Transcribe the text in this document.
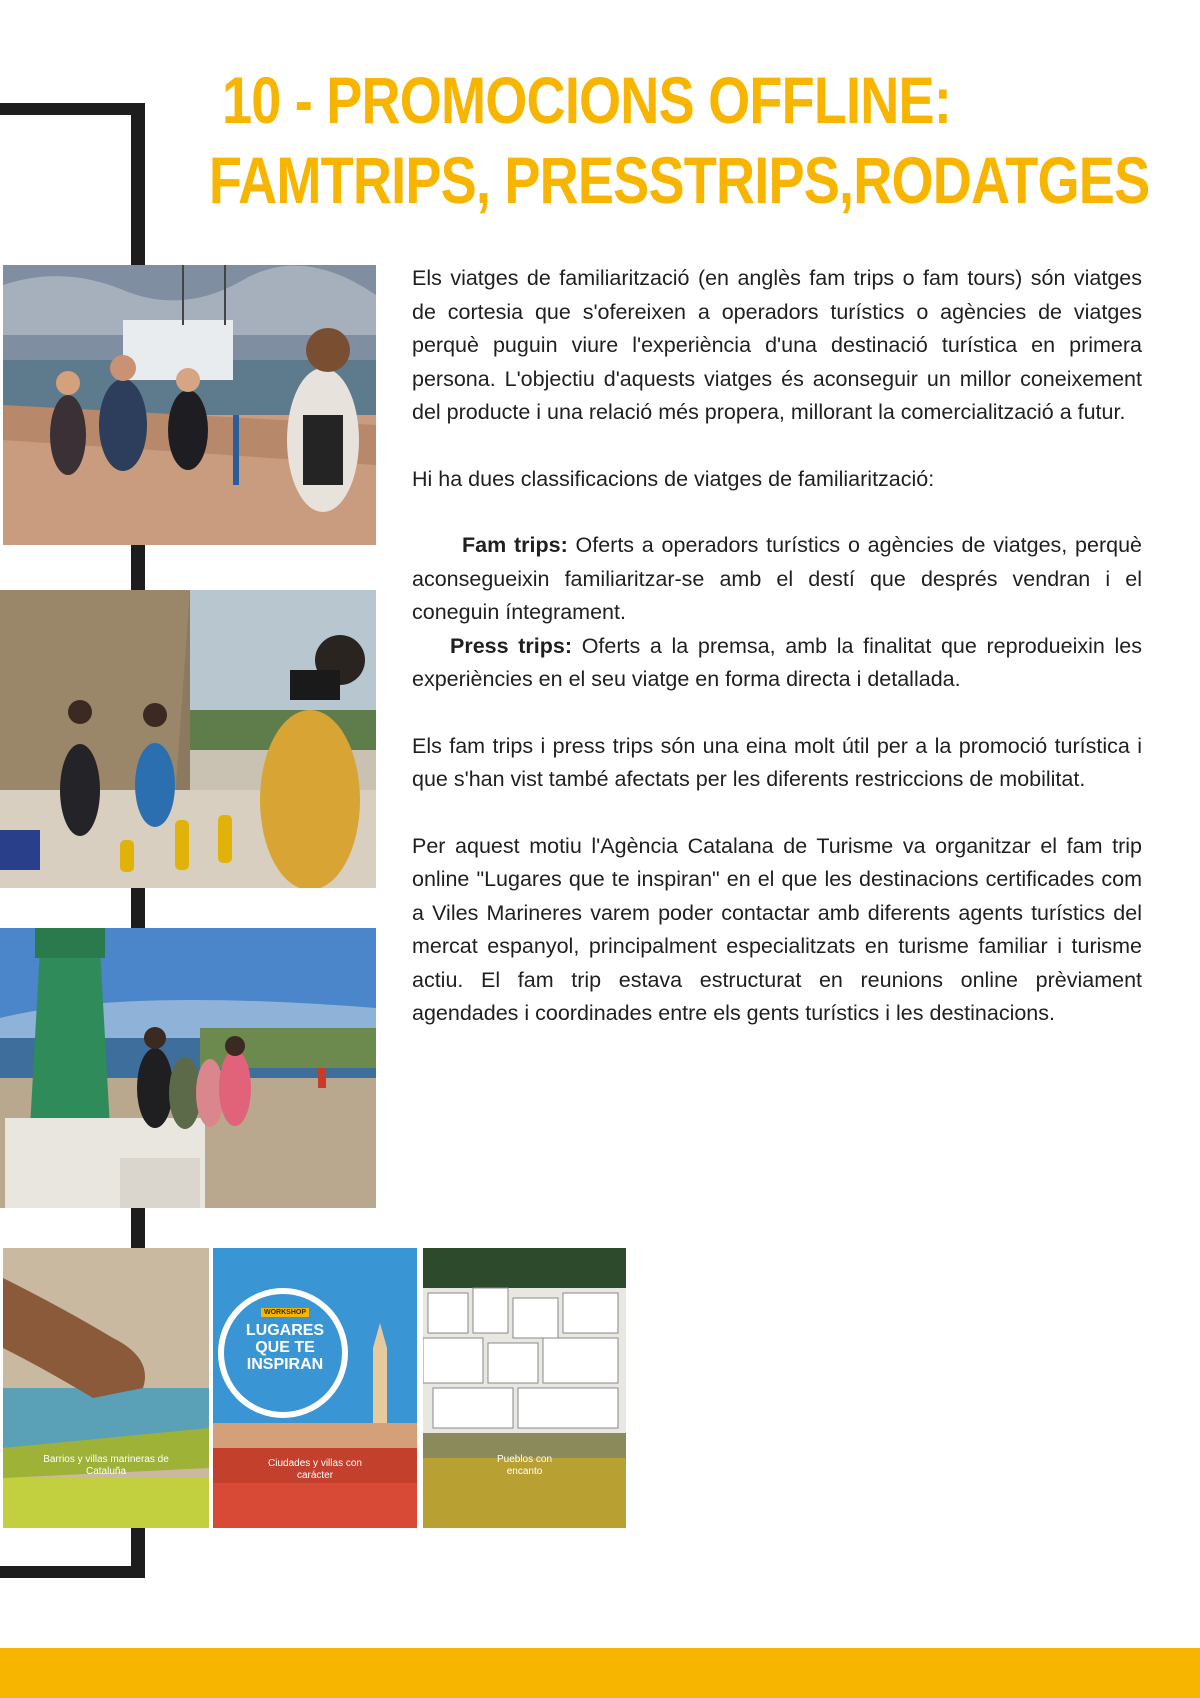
10 - PROMOCIONS OFFLINE:
FAMTRIPS, PRESSTRIPS,RODATGES
Barrios y villas marineras de Cataluña
WORKSHOP
LUGARES QUE TE INSPIRAN
Ciudades y villas con carácter
Pueblos con encanto

Els viatges de familiarització (en anglès fam trips o fam tours) són viatges de cortesia que s'ofereixen a operadors turístics o agències de viatges perquè puguin viure l'experiència d'una destinació turística en primera persona. L'objectiu d'aquests viatges és aconseguir un millor coneixement del producte i una relació més propera, millorant la comercialització a futur.

Hi ha dues classificacions de viatges de familiarització:

Fam trips: Oferts a operadors turístics o agències de viatges, perquè aconsegueixin familiaritzar-se amb el destí que després vendran i el coneguin íntegrament.

Press trips: Oferts a la premsa, amb la finalitat que reprodueixin les experiències en el seu viatge en forma directa i detallada.

Els fam trips i press trips són una eina molt útil per a la promoció turística i que s'han vist també afectats per les diferents restriccions de mobilitat.

Per aquest motiu l'Agència Catalana de Turisme va organitzar el fam trip online "Lugares que te inspiran" en el que les destinacions certificades com a Viles Marineres varem poder contactar amb diferents agents turístics del mercat espanyol, principalment especialitzats en turisme familiar i turisme actiu. El fam trip estava estructurat en reunions online prèviament agendades i coordinades entre els gents turístics i les destinacions.
